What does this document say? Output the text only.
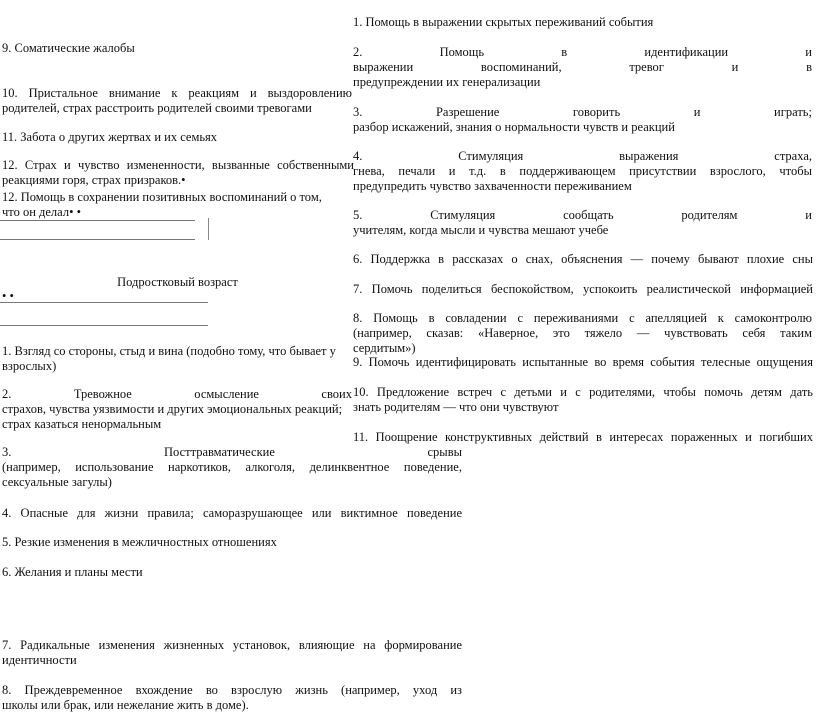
9. Соматические жалобы
10. Пристальное внимание к реакциям и выздоровлению
родителей, страх расстроить родителей своими тревогами
11. Забота о других жертвах и их семьях
12. Страх и чувство измененности, вызванные собственными
реакциями горя, страх призраков.•
12. Помощь в сохранении позитивных воспоминаний о том,
что он делал• •
Подростковый возраст
• •
1. Взгляд со стороны, стыд и вина (подобно тому, что бывает у
взрослых)
2. Тревожное осмысление своих
страхов, чувства уязвимости и других эмоциональных реакций;
страх казаться ненормальным
3. Посттравматические срывы
(например, использование наркотиков, алкоголя, делинквентное поведение,
сексуальные загулы)
4. Опасные для жизни правила; саморазрушающее или виктимное поведение
5. Резкие изменения в межличностных отношениях
6. Желания и планы мести
7. Радикальные изменения жизненных установок, влияющие на формирование
идентичности
8. Преждевременное вхождение во взрослую жизнь (например, уход из
школы или брак, или нежелание жить в доме).
1. Помощь в выражении скрытых переживаний события
2. Помощь в идентификации и
выражении воспоминаний, тревог и в
предупреждении их генерализации
3. Разрешение говорить и играть;
разбор искажений, знания о нормальности чувств и реакций
4. Стимуляция выражения страха,
гнева, печали и т.д. в поддерживающем присутствии взрослого, чтобы
предупредить чувство захваченности переживанием
5. Стимуляция сообщать родителям и
учителям, когда мысли и чувства мешают учебе
6. Поддержка в рассказах о снах, объяснения — почему бывают плохие сны
7. Помочь поделиться беспокойством, успокоить реалистической информацией
8. Помощь в совладении с переживаниями с апелляцией к самоконтролю
(например, сказав: «Наверное, это тяжело — чувствовать себя таким
сердитым»)
9. Помочь идентифицировать испытанные во время события телесные ощущения
10. Предложение встреч с детьми и с родителями, чтобы помочь детям дать
знать родителям — что они чувствуют
11. Поощрение конструктивных действий в интересах пораженных и погибших
